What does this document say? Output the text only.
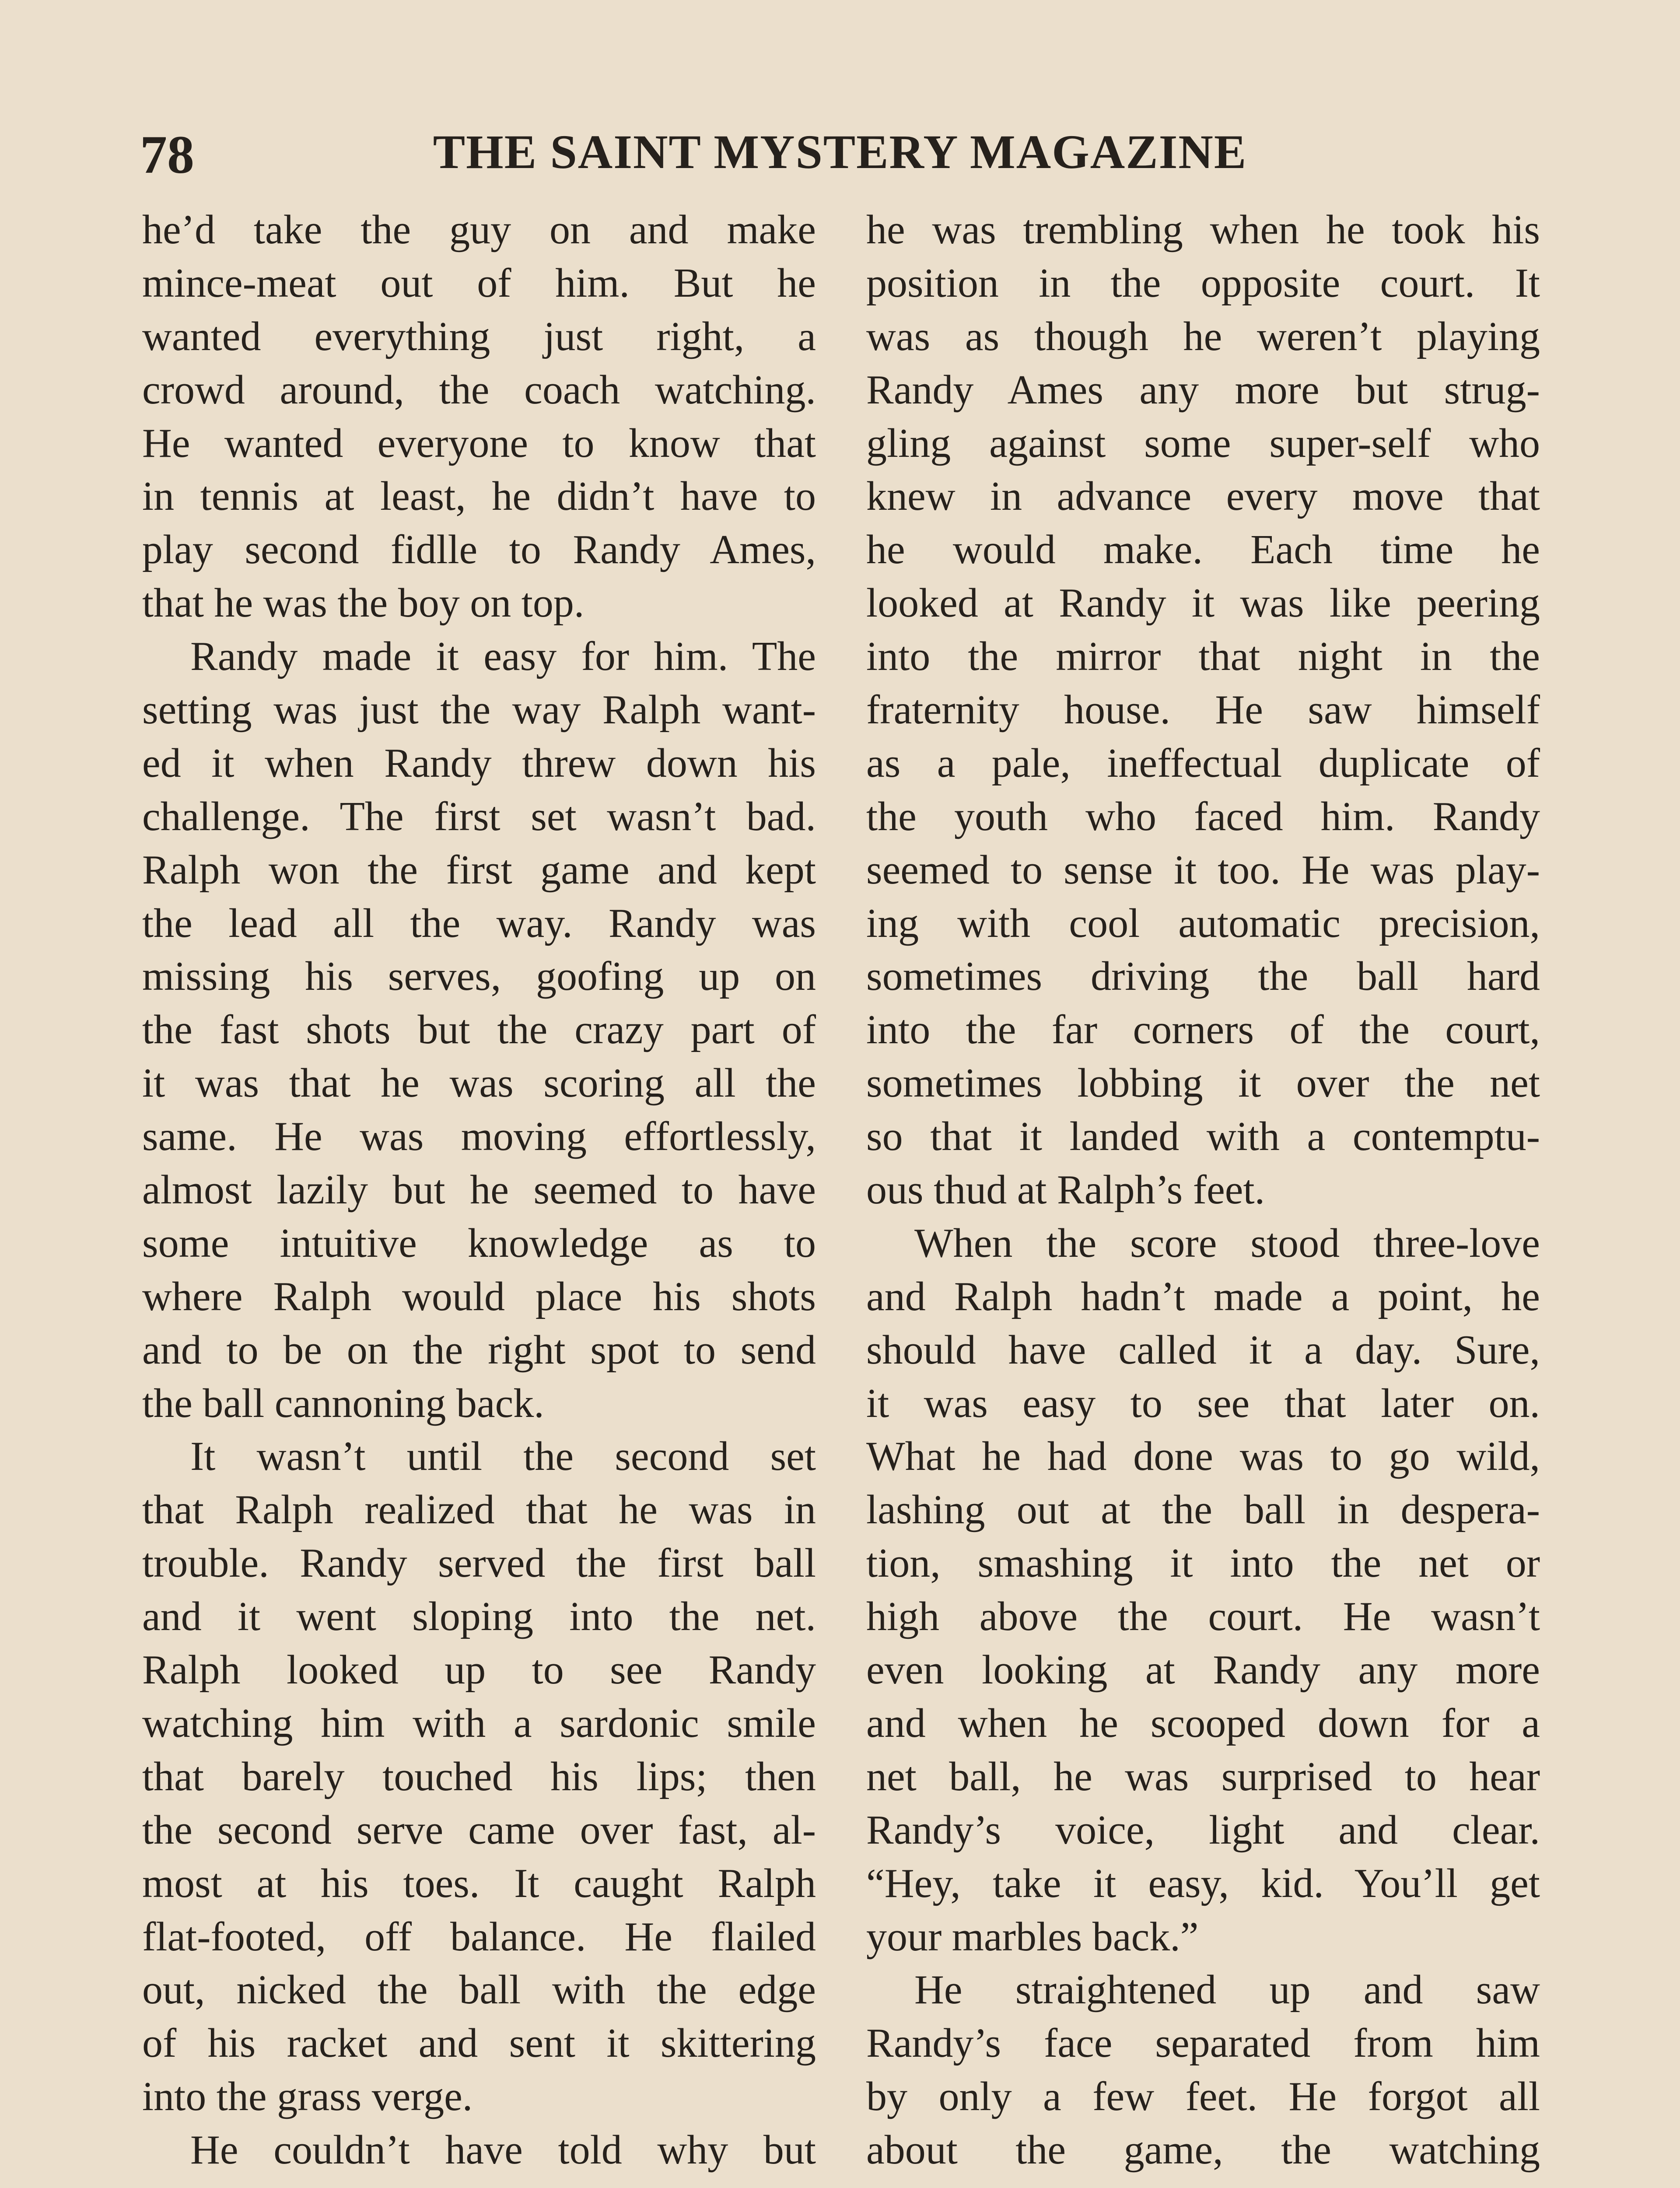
78	THE SAINT MYSTERY MAGAZINE
he’d take the guy on and make
mince-meat out of him. But he
wanted everything just right, a
crowd around, the coach watching.
He wanted everyone to know that
in tennis at least, he didn’t have to
play second fidlle to Randy Ames,
that he was the boy on top.
Randy made it easy for him. The
setting was just the way Ralph want-
ed it when Randy threw down his
challenge. The first set wasn’t bad.
Ralph won the first game and kept
the lead all the way. Randy was
missing his serves, goofing up on
the fast shots but the crazy part of
it was that he was scoring all the
same. He was moving effortlessly,
almost lazily but he seemed to have
some intuitive knowledge as to
where Ralph would place his shots
and to be on the right spot to send
the ball cannoning back.
It wasn’t until the second set
that Ralph realized that he was in
trouble. Randy served the first ball
and it went sloping into the net.
Ralph looked up to see Randy
watching him with a sardonic smile
that barely touched his lips; then
the second serve came over fast, al-
most at his toes. It caught Ralph
flat-footed, off balance. He flailed
out, nicked the ball with the edge
of his racket and sent it skittering
into the grass verge.
He couldn’t have told why but
he was trembling when he took his
position in the opposite court. It
was as though he weren’t playing
Randy Ames any more but strug-
gling against some super-self who
knew in advance every move that
he would make. Each time he
looked at Randy it was like peering
into the mirror that night in the
fraternity house. He saw himself
as a pale, ineffectual duplicate of
the youth who faced him. Randy
seemed to sense it too. He was play-
ing with cool automatic precision,
sometimes driving the ball hard
into the far corners of the court,
sometimes lobbing it over the net
so that it landed with a contemptu-
ous thud at Ralph’s feet.
When the score stood three-love
and Ralph hadn’t made a point, he
should have called it a day. Sure,
it was easy to see that later on.
What he had done was to go wild,
lashing out at the ball in despera-
tion, smashing it into the net or
high above the court. He wasn’t
even looking at Randy any more
and when he scooped down for a
net ball, he was surprised to hear
Randy’s voice, light and clear.
“Hey, take it easy, kid. You’ll get
your marbles back.”
He straightened up and saw
Randy’s face separated from him
by only a few feet. He forgot all
about the game, the watching
